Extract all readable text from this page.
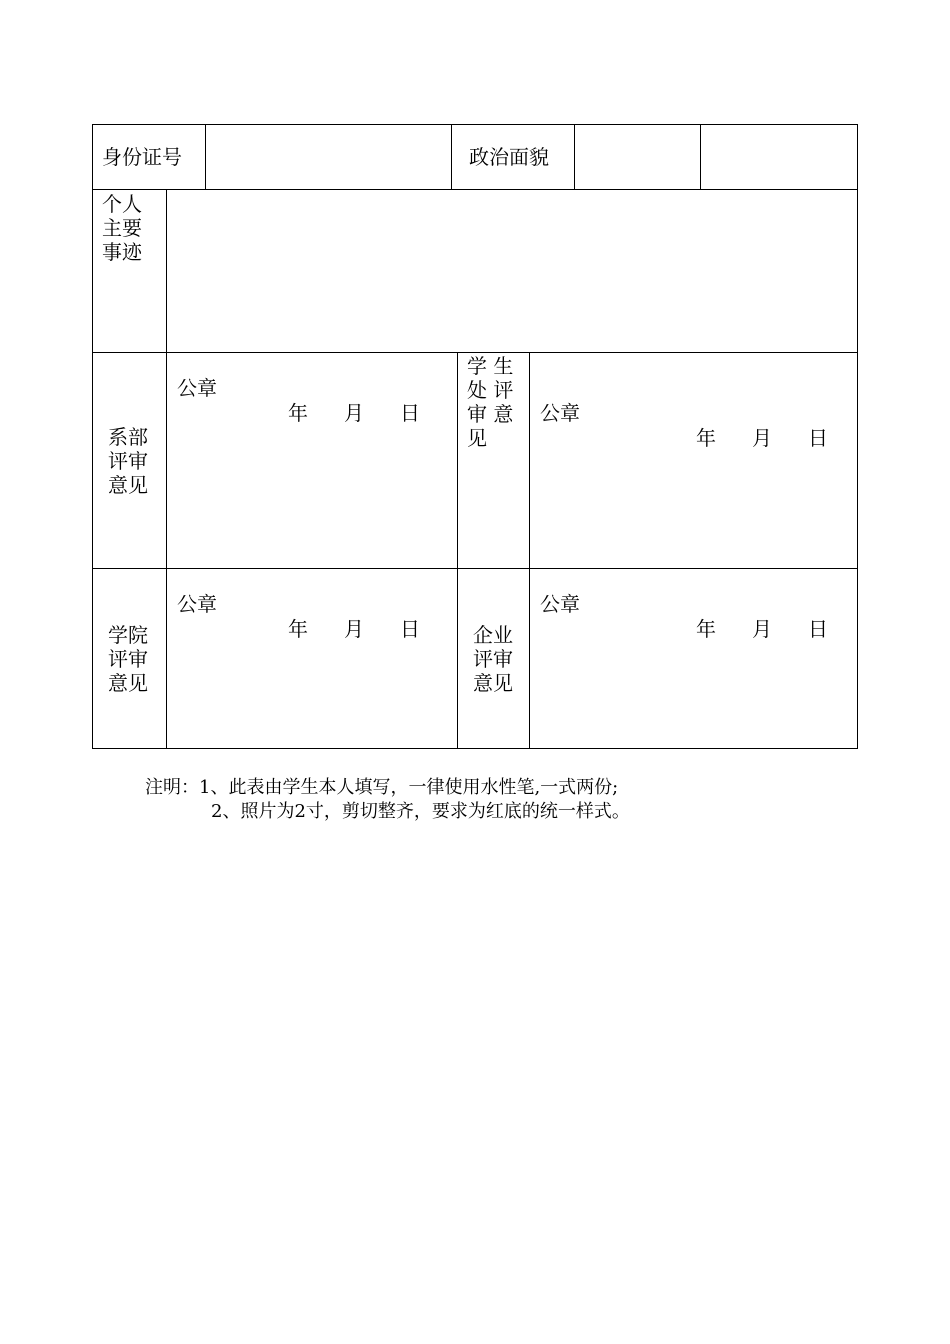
身份证号	政治面貌
个人
主要
事迹
系部
评审
意见
公章
年 月 日
学 生
处 评
审 意
见
公章
年 月 日
学院
评审
意见
公章
年 月 日	企业
评审
意见
公章
年 月 日
注明：1、此表由学生本人填写，一律使用水性笔,一式两份;
2、照片为2寸，剪切整齐，要求为红底的统一样式。
